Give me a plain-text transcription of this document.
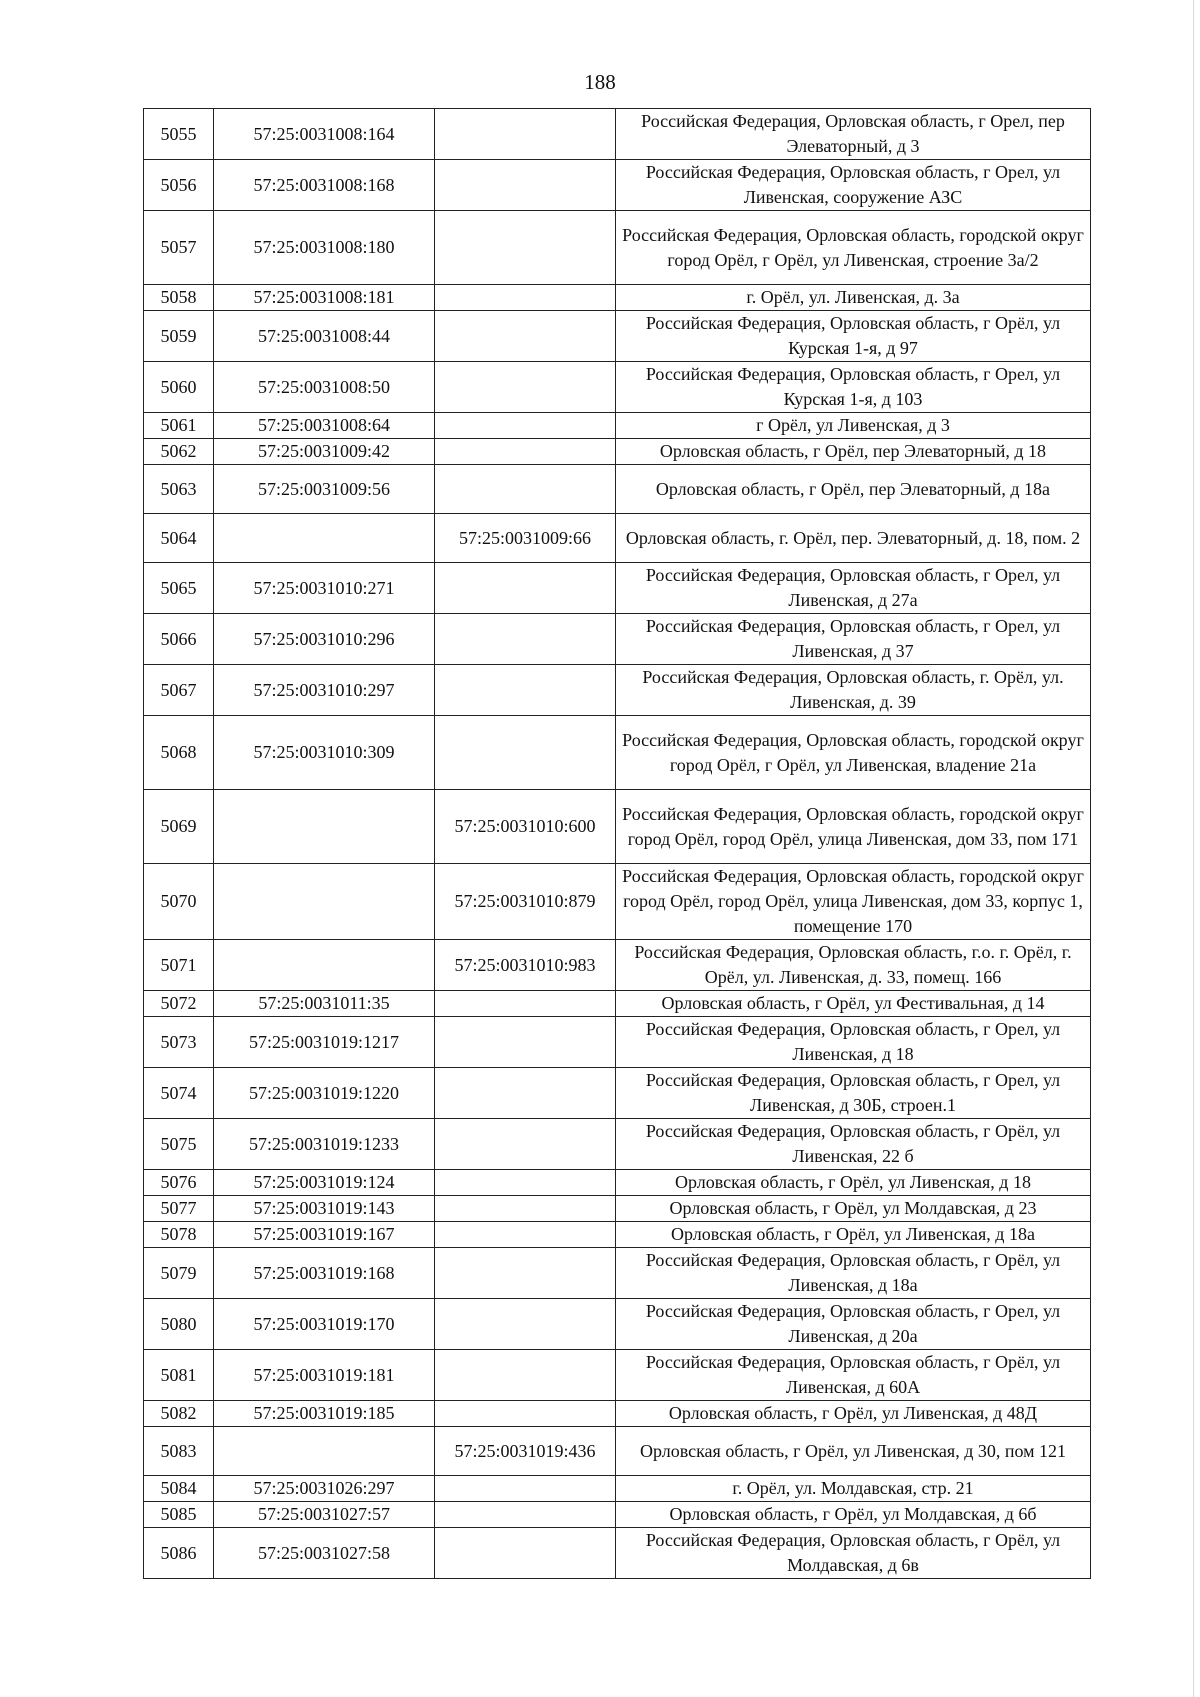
188
5055	57:25:0031008:164		Российская Федерация, Орловская область, г Орел, пер Элеваторный, д 3
5056	57:25:0031008:168		Российская Федерация, Орловская область, г Орел, ул Ливенская, сооружение АЗС
5057	57:25:0031008:180		Российская Федерация, Орловская область, городской округ город Орёл, г Орёл, ул Ливенская, строение 3а/2
5058	57:25:0031008:181		г. Орёл, ул. Ливенская, д. 3а
5059	57:25:0031008:44		Российская Федерация, Орловская область, г Орёл, ул Курская 1-я, д 97
5060	57:25:0031008:50		Российская Федерация, Орловская область, г Орел, ул Курская 1-я, д 103
5061	57:25:0031008:64		г Орёл, ул Ливенская, д 3
5062	57:25:0031009:42		Орловская область, г Орёл, пер Элеваторный, д 18
5063	57:25:0031009:56		Орловская область, г Орёл, пер Элеваторный, д 18а
5064		57:25:0031009:66	Орловская область, г. Орёл, пер. Элеваторный, д. 18, пом. 2
5065	57:25:0031010:271		Российская Федерация, Орловская область, г Орел, ул Ливенская, д 27а
5066	57:25:0031010:296		Российская Федерация, Орловская область, г Орел, ул Ливенская, д 37
5067	57:25:0031010:297		Российская Федерация, Орловская область, г. Орёл, ул. Ливенская, д. 39
5068	57:25:0031010:309		Российская Федерация, Орловская область, городской округ город Орёл, г Орёл, ул Ливенская, владение 21а
5069		57:25:0031010:600	Российская Федерация, Орловская область, городской округ город Орёл, город Орёл, улица Ливенская, дом 33, пом 171
5070		57:25:0031010:879	Российская Федерация, Орловская область, городской округ город Орёл, город Орёл, улица Ливенская, дом 33, корпус 1, помещение 170
5071		57:25:0031010:983	Российская Федерация, Орловская область, г.о. г. Орёл, г. Орёл, ул. Ливенская, д. 33, помещ. 166
5072	57:25:0031011:35		Орловская область, г Орёл, ул Фестивальная, д 14
5073	57:25:0031019:1217		Российская Федерация, Орловская область, г Орел, ул Ливенская, д 18
5074	57:25:0031019:1220		Российская Федерация, Орловская область, г Орел, ул Ливенская, д 30Б, строен.1
5075	57:25:0031019:1233		Российская Федерация, Орловская область, г Орёл, ул Ливенская, 22 б
5076	57:25:0031019:124		Орловская область, г Орёл, ул Ливенская, д 18
5077	57:25:0031019:143		Орловская область, г Орёл, ул Молдавская, д 23
5078	57:25:0031019:167		Орловская область, г Орёл, ул Ливенская, д 18а
5079	57:25:0031019:168		Российская Федерация, Орловская область, г Орёл, ул Ливенская, д 18а
5080	57:25:0031019:170		Российская Федерация, Орловская область, г Орел, ул Ливенская, д 20а
5081	57:25:0031019:181		Российская Федерация, Орловская область, г Орёл, ул Ливенская, д 60А
5082	57:25:0031019:185		Орловская область, г Орёл, ул Ливенская, д 48Д
5083		57:25:0031019:436	Орловская область, г Орёл, ул Ливенская, д 30, пом 121
5084	57:25:0031026:297		г. Орёл, ул. Молдавская, стр. 21
5085	57:25:0031027:57		Орловская область, г Орёл, ул Молдавская, д 6б
5086	57:25:0031027:58		Российская Федерация, Орловская область, г Орёл, ул Молдавская, д 6в
